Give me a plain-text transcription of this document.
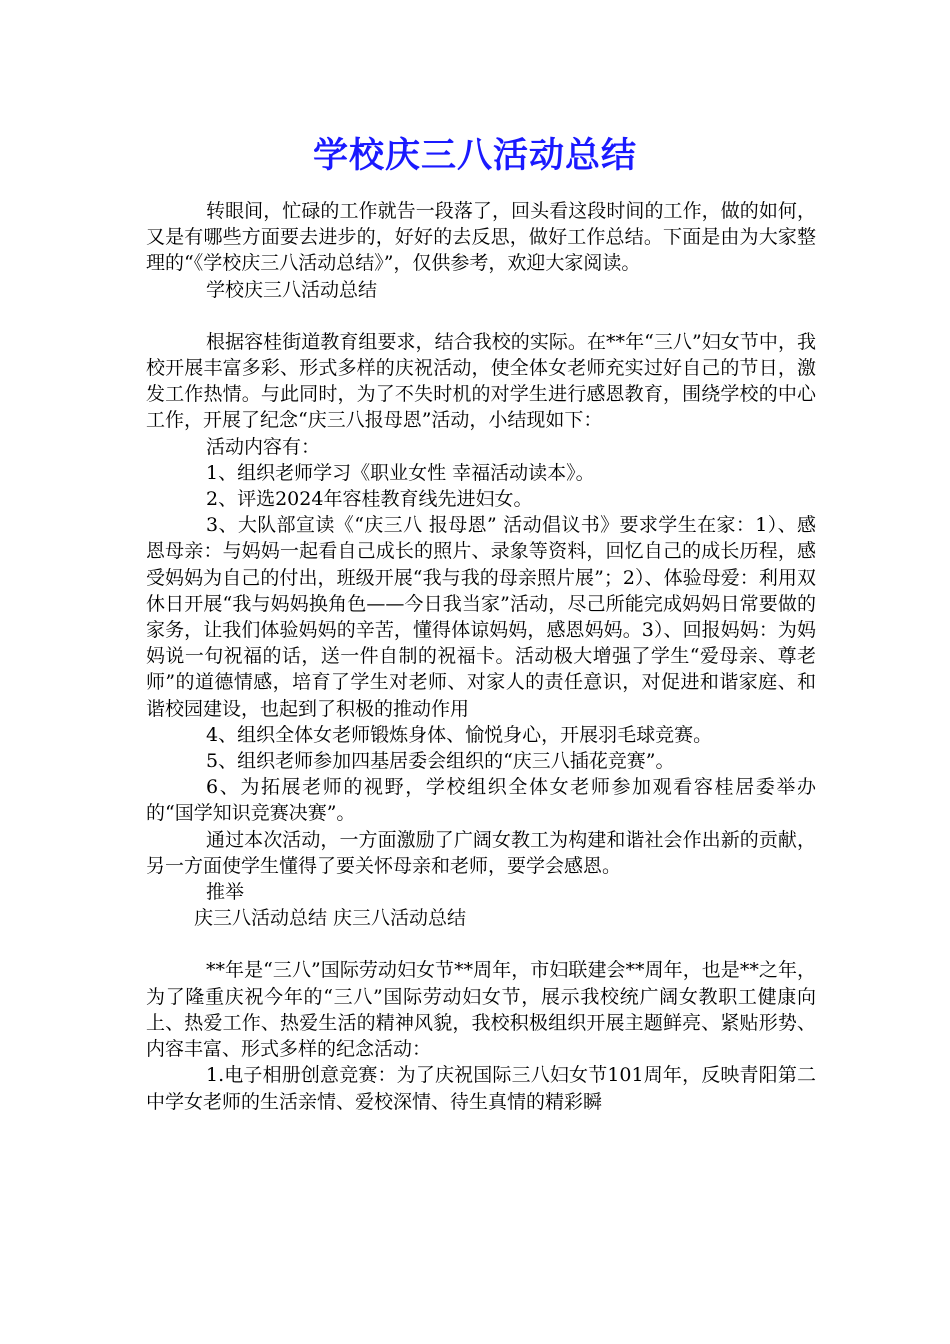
学校庆三八活动总结

转眼间，忙碌的工作就告一段落了，回头看这段时间的工作，做的如何，又是有哪些方面要去进步的，好好的去反思，做好工作总结。下面是由为大家整理的“《学校庆三八活动总结》”，仅供参考，欢迎大家阅读。

学校庆三八活动总结

根据容桂街道教育组要求，结合我校的实际。在**年“三八”妇女节中，我校开展丰富多彩、形式多样的庆祝活动，使全体女老师充实过好自己的节日，激发工作热情。与此同时，为了不失时机的对学生进行感恩教育，围绕学校的中心工作，开展了纪念“庆三八报母恩”活动，小结现如下：

活动内容有：

1、组织老师学习《职业女性 幸福活动读本》。

2、评选2024年容桂教育线先进妇女。

3、大队部宣读《“庆三八 报母恩” 活动倡议书》要求学生在家：1）、感恩母亲：与妈妈一起看自己成长的照片、录象等资料，回忆自己的成长历程，感受妈妈为自己的付出，班级开展“我与我的母亲照片展”；2）、体验母爱：利用双休日开展“我与妈妈换角色——今日我当家”活动，尽己所能完成妈妈日常要做的家务，让我们体验妈妈的辛苦，懂得体谅妈妈，感恩妈妈。3）、回报妈妈：为妈妈说一句祝福的话，送一件自制的祝福卡。活动极大增强了学生“爱母亲、尊老师”的道德情感，培育了学生对老师、对家人的责任意识，对促进和谐家庭、和谐校园建设，也起到了积极的推动作用

4、组织全体女老师锻炼身体、愉悦身心，开展羽毛球竞赛。

5、组织老师参加四基居委会组织的“庆三八插花竞赛”。

6、为拓展老师的视野，学校组织全体女老师参加观看容桂居委举办的“国学知识竞赛决赛”。

通过本次活动，一方面激励了广阔女教工为构建和谐社会作出新的贡献，另一方面使学生懂得了要关怀母亲和老师，要学会感恩。

推举

庆三八活动总结 庆三八活动总结

**年是“三八”国际劳动妇女节**周年，市妇联建会**周年，也是**之年，为了隆重庆祝今年的“三八”国际劳动妇女节，展示我校统广阔女教职工健康向上、热爱工作、热爱生活的精神风貌，我校积极组织开展主题鲜亮、紧贴形势、内容丰富、形式多样的纪念活动：

1.电子相册创意竞赛：为了庆祝国际三八妇女节101周年，反映青阳第二中学女老师的生活亲情、爱校深情、待生真情的精彩瞬
